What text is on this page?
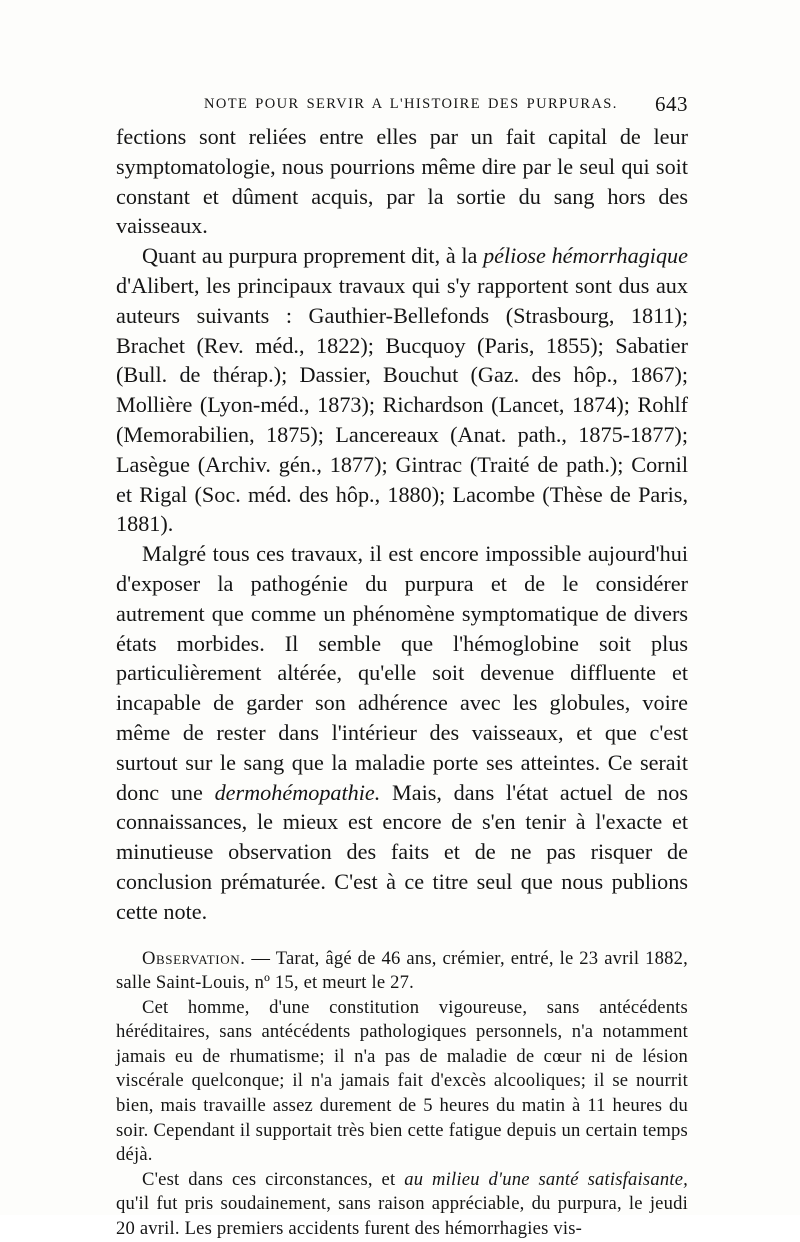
NOTE POUR SERVIR A L'HISTOIRE DES PURPURAS. 643

fections sont reliées entre elles par un fait capital de leur symptomatologie, nous pourrions même dire par le seul qui soit constant et dûment acquis, par la sortie du sang hors des vaisseaux.

Quant au purpura proprement dit, à la péliose hémorrhagique d'Alibert, les principaux travaux qui s'y rapportent sont dus aux auteurs suivants : Gauthier-Bellefonds (Strasbourg, 1811); Brachet (Rev. méd., 1822); Bucquoy (Paris, 1855); Sabatier (Bull. de thérap.); Dassier, Bouchut (Gaz. des hôp., 1867); Mollière (Lyon-méd., 1873); Richardson (Lancet, 1874); Rohlf (Memorabilien, 1875); Lancereaux (Anat. path., 1875-1877); Lasègue (Archiv. gén., 1877); Gintrac (Traité de path.); Cornil et Rigal (Soc. méd. des hôp., 1880); Lacombe (Thèse de Paris, 1881).

Malgré tous ces travaux, il est encore impossible aujourd'hui d'exposer la pathogénie du purpura et de le considérer autrement que comme un phénomène symptomatique de divers états morbides. Il semble que l'hémoglobine soit plus particulièrement altérée, qu'elle soit devenue diffluente et incapable de garder son adhérence avec les globules, voire même de rester dans l'intérieur des vaisseaux, et que c'est surtout sur le sang que la maladie porte ses atteintes. Ce serait donc une dermohémopathie. Mais, dans l'état actuel de nos connaissances, le mieux est encore de s'en tenir à l'exacte et minutieuse observation des faits et de ne pas risquer de conclusion prématurée. C'est à ce titre seul que nous publions cette note.

Observation. — Tarat, âgé de 46 ans, crémier, entré, le 23 avril 1882, salle Saint-Louis, nº 15, et meurt le 27.

Cet homme, d'une constitution vigoureuse, sans antécédents héréditaires, sans antécédents pathologiques personnels, n'a notamment jamais eu de rhumatisme; il n'a pas de maladie de cœur ni de lésion viscérale quelconque; il n'a jamais fait d'excès alcooliques; il se nourrit bien, mais travaille assez durement de 5 heures du matin à 11 heures du soir. Cependant il supportait très bien cette fatigue depuis un certain temps déjà.

C'est dans ces circonstances, et au milieu d'une santé satisfaisante, qu'il fut pris soudainement, sans raison appréciable, du purpura, le jeudi 20 avril. Les premiers accidents furent des hémorrhagies vis-
